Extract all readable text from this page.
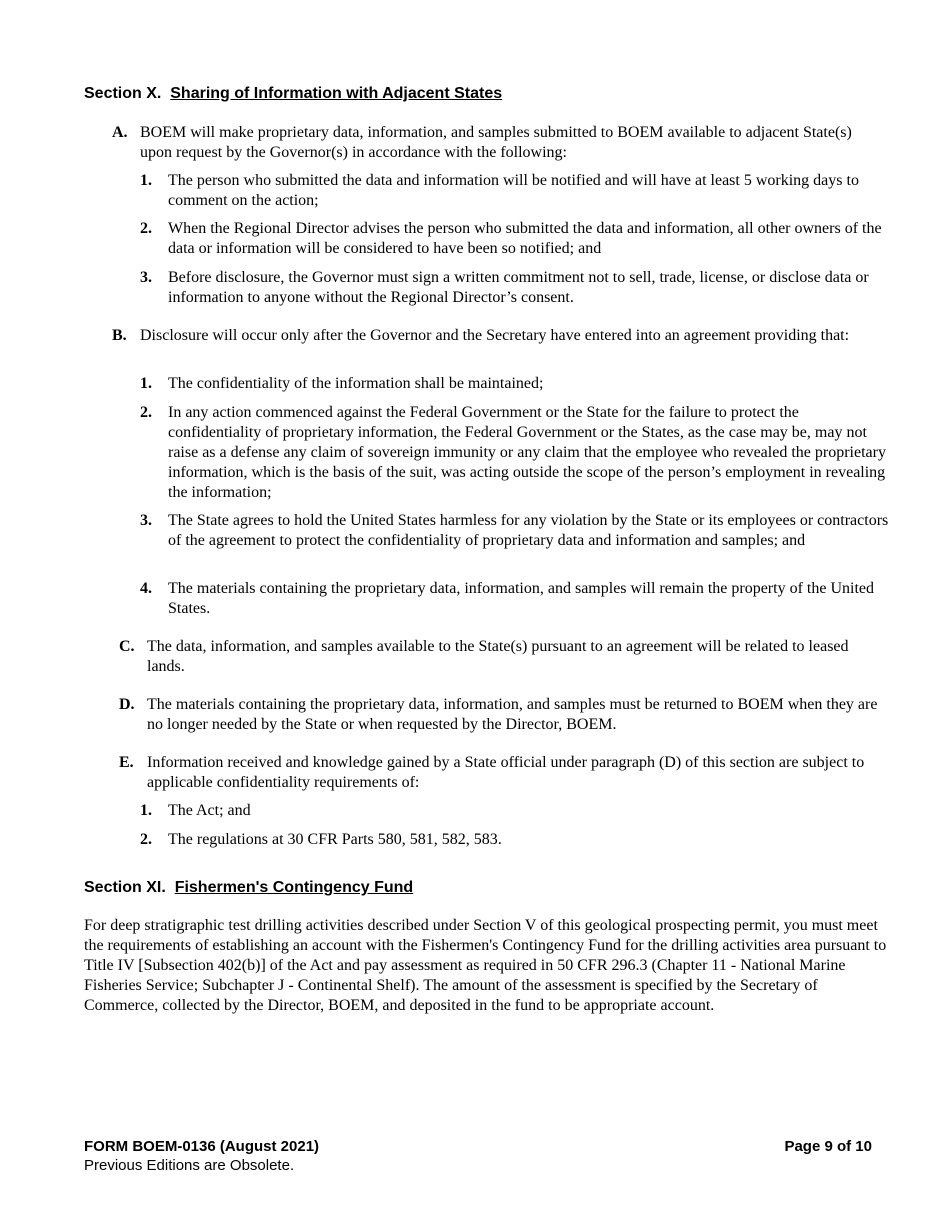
Section X. Sharing of Information with Adjacent States
A. BOEM will make proprietary data, information, and samples submitted to BOEM available to adjacent State(s) upon request by the Governor(s) in accordance with the following:
1. The person who submitted the data and information will be notified and will have at least 5 working days to comment on the action;
2. When the Regional Director advises the person who submitted the data and information, all other owners of the data or information will be considered to have been so notified; and
3. Before disclosure, the Governor must sign a written commitment not to sell, trade, license, or disclose data or information to anyone without the Regional Director’s consent.
B. Disclosure will occur only after the Governor and the Secretary have entered into an agreement providing that:
1. The confidentiality of the information shall be maintained;
2. In any action commenced against the Federal Government or the State for the failure to protect the confidentiality of proprietary information, the Federal Government or the States, as the case may be, may not raise as a defense any claim of sovereign immunity or any claim that the employee who revealed the proprietary information, which is the basis of the suit, was acting outside the scope of the person’s employment in revealing the information;
3. The State agrees to hold the United States harmless for any violation by the State or its employees or contractors of the agreement to protect the confidentiality of proprietary data and information and samples; and
4. The materials containing the proprietary data, information, and samples will remain the property of the United States.
C. The data, information, and samples available to the State(s) pursuant to an agreement will be related to leased lands.
D. The materials containing the proprietary data, information, and samples must be returned to BOEM when they are no longer needed by the State or when requested by the Director, BOEM.
E. Information received and knowledge gained by a State official under paragraph (D) of this section are subject to applicable confidentiality requirements of:
1. The Act; and
2. The regulations at 30 CFR Parts 580, 581, 582, 583.
Section XI. Fishermen's Contingency Fund
For deep stratigraphic test drilling activities described under Section V of this geological prospecting permit, you must meet the requirements of establishing an account with the Fishermen's Contingency Fund for the drilling activities area pursuant to Title IV [Subsection 402(b)] of the Act and pay assessment as required in 50 CFR 296.3 (Chapter 11 - National Marine Fisheries Service; Subchapter J - Continental Shelf). The amount of the assessment is specified by the Secretary of Commerce, collected by the Director, BOEM, and deposited in the fund to be appropriate account.
FORM BOEM-0136 (August 2021)
Previous Editions are Obsolete.
Page 9 of 10
